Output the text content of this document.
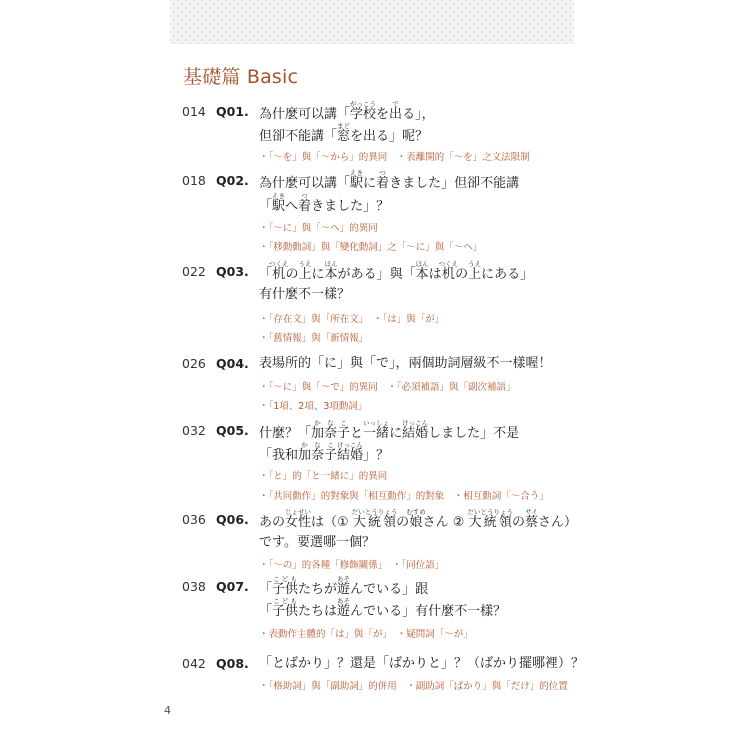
基礎篇 Basic
014 Q01. 為什麼可以講「学校がっこうを出でる」，
但卻不能講「窓まどを出る」呢？
・「〜を」與「〜から」的異同　・表離開的「〜を」之文法限制
018 Q02. 為什麼可以講「駅えきに着つきました」但卻不能講
「駅えきへ着つきました」？
・「〜に」與「〜へ」的異同
・「移動動詞」與「變化動詞」之「〜に」與「〜へ」
022 Q03. 「机つくえの上うえに本ほんがある」與「本ほんは机つくえの上うえにある」
有什麼不一樣？
・「存在文」與「所在文」　・「は」與「が」
・「舊情報」與「新情報」
026 Q04. 表場所的「に」與「で」，兩個助詞層級不一樣喔！
・「〜に」與「〜で」的異同　・「必須補語」與「副次補語」
・「1項、2項、3項動詞」
032 Q05. 什麼？「加奈子かなこと一緒いっしょに結婚けっこんしました」不是
「我和加奈子かなこ結婚けっこん」？
・「と」的「と一緒に」的異同
・「共同動作」的對象與「相互動作」的對象　・相互動詞「〜合う」
036 Q06. あの女性じょせいは（① 大統領だいとうりょうの娘むすめさん ② 大統領だいとうりょうの蔡サイさん）
です。要選哪一個？
・「〜の」的各種「修飾關係」　・「同位語」
038 Q07. 「子供こどもたちが遊あそんでいる」跟
「子供こどもたちは遊あそんでいる」有什麼不一樣？
・表動作主體的「は」與「が」　・疑問詞「〜が」
042 Q08. 「とばかり」？還是「ばかりと」？（ばかり擺哪裡）？
・「格助詞」與「副助詞」的併用　・副助詞「ばかり」與「だけ」的位置
4
